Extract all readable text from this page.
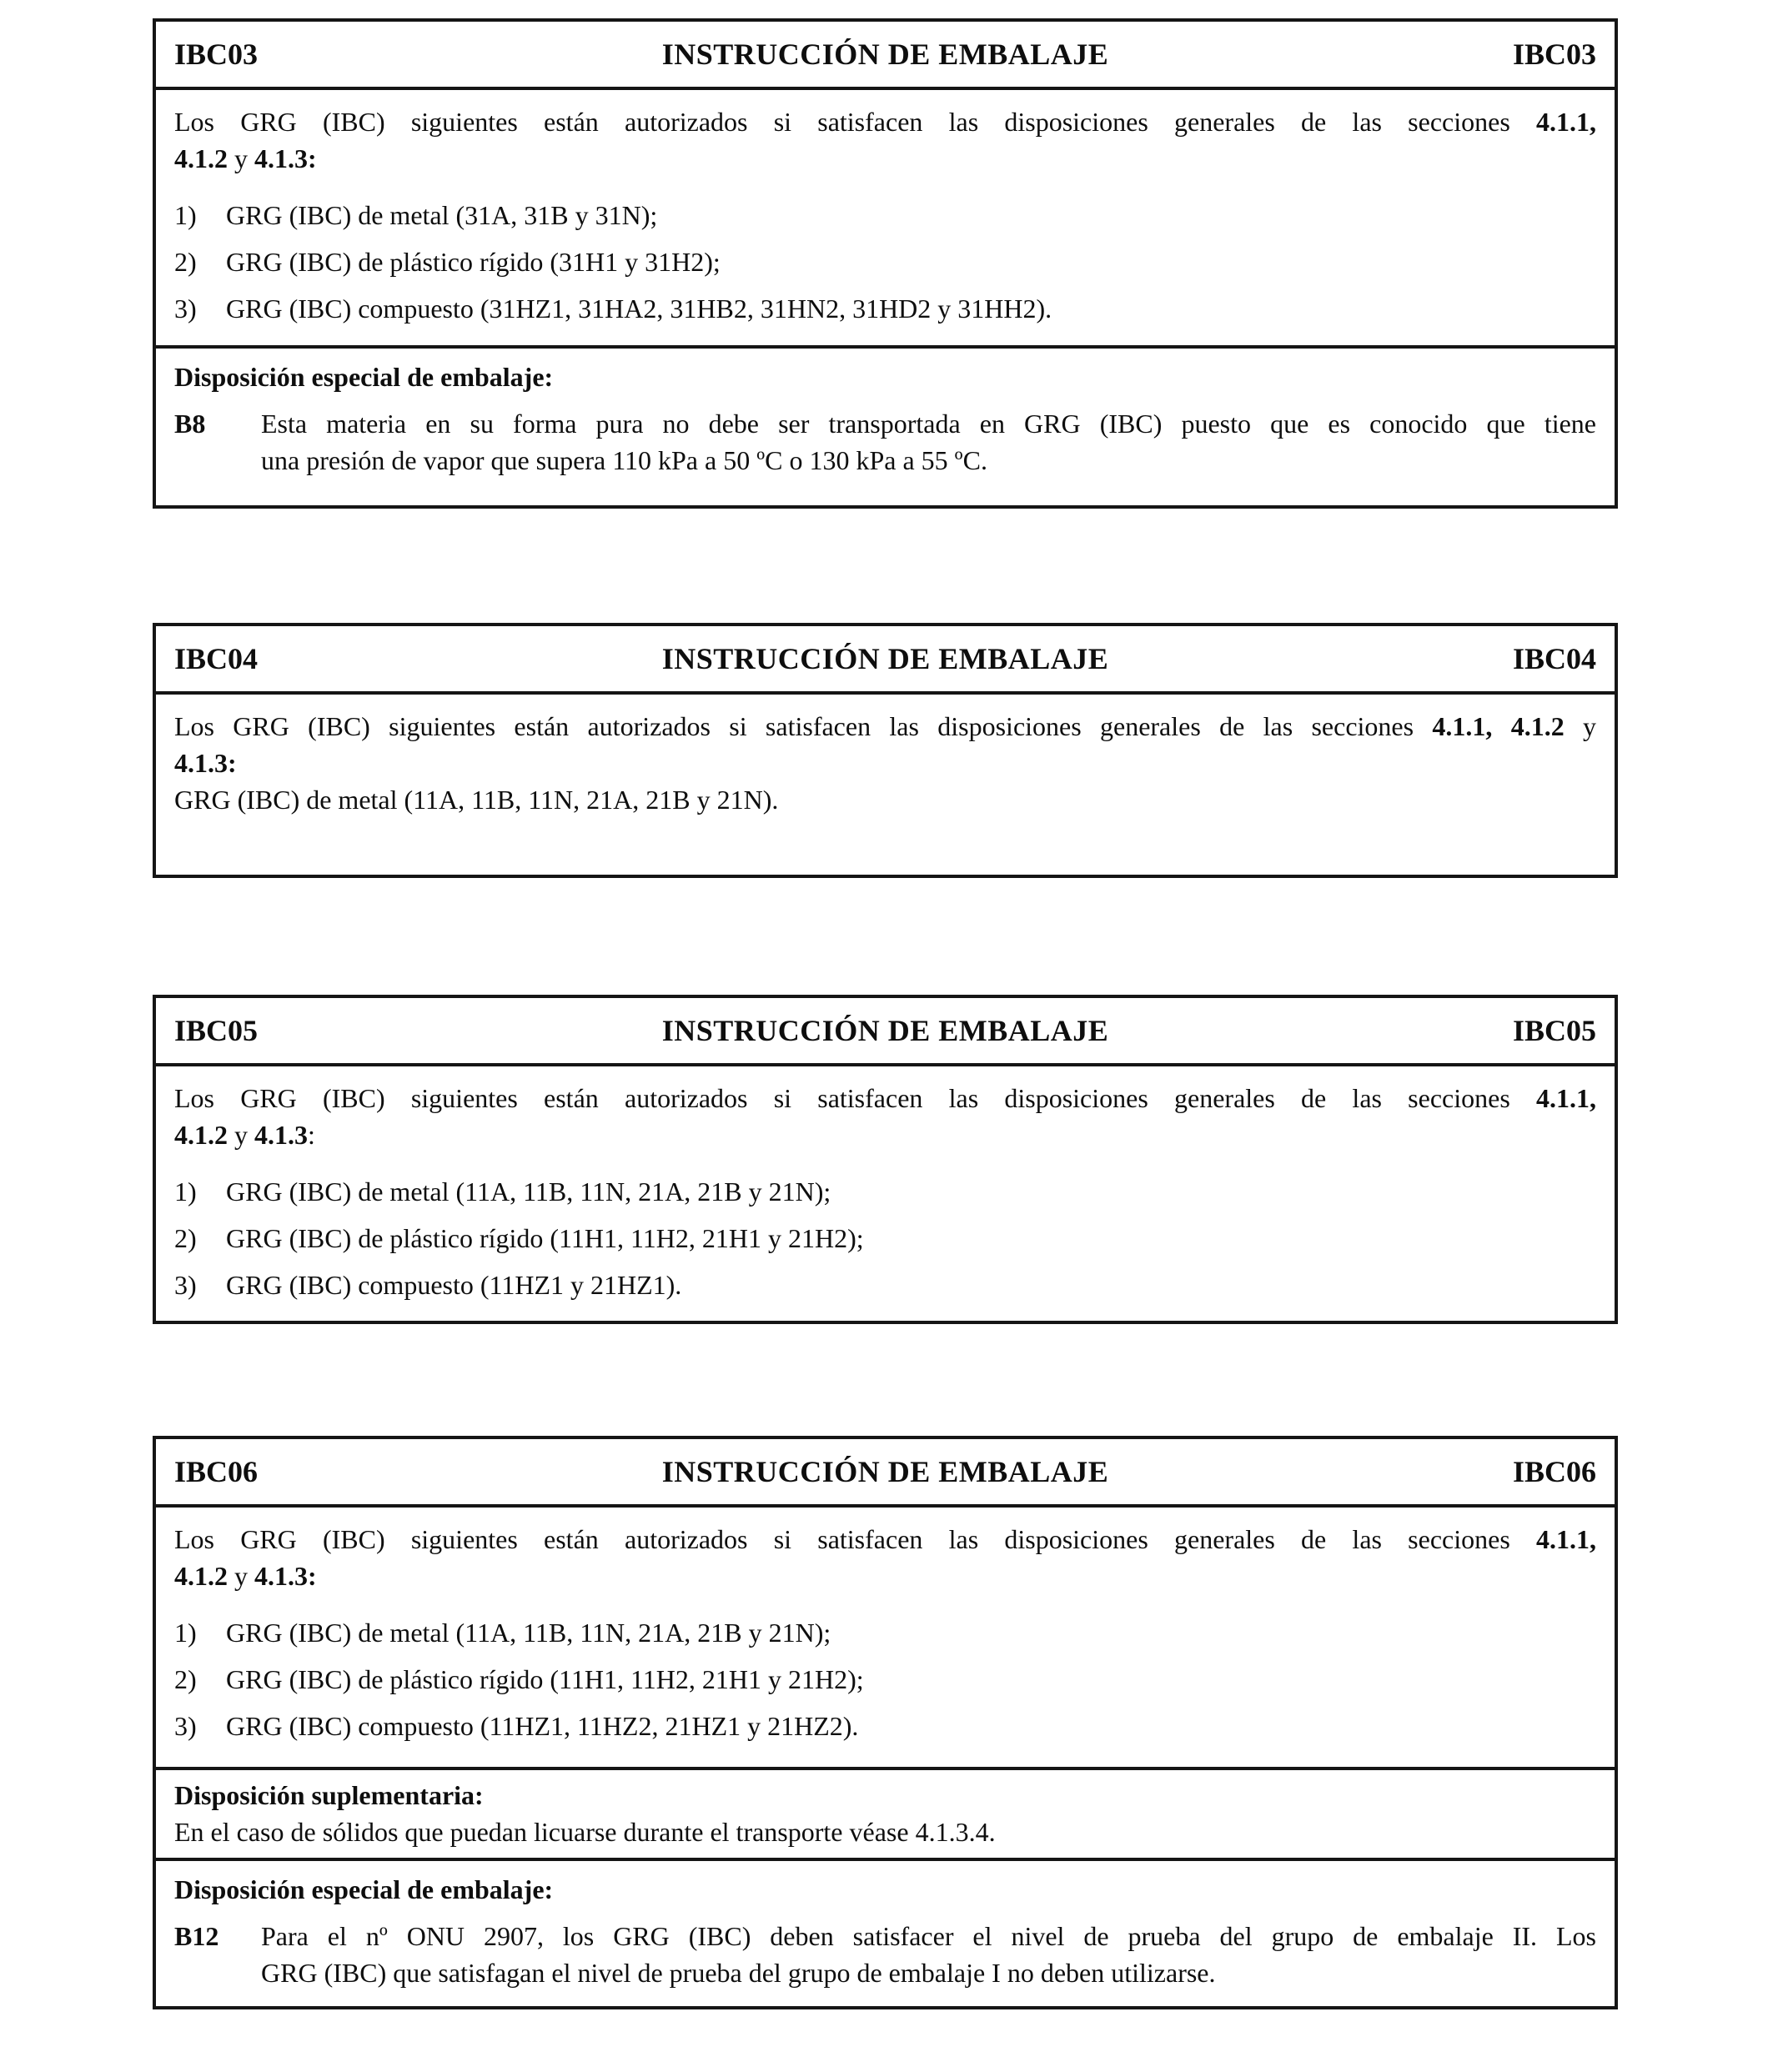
IBC03	INSTRUCCIÓN DE EMBALAJE	IBC03

Los GRG (IBC) siguientes están autorizados si satisfacen las disposiciones generales de las secciones 4.1.1,

4.1.2 y 4.1.3:

1)	GRG (IBC) de metal (31A, 31B y 31N);
2)	GRG (IBC) de plástico rígido (31H1 y 31H2);
3)	GRG (IBC) compuesto (31HZ1, 31HA2, 31HB2, 31HN2, 31HD2 y 31HH2).

Disposición especial de embalaje:

B8	Esta materia en su forma pura no debe ser transportada en GRG (IBC) puesto que es conocido que tiene
una presión de vapor que supera 110 kPa a 50 ºC o 130 kPa a 55 ºC.
IBC04	INSTRUCCIÓN DE EMBALAJE	IBC04

Los GRG (IBC) siguientes están autorizados si satisfacen las disposiciones generales de las secciones 4.1.1, 4.1.2 y

4.1.3:

GRG (IBC) de metal (11A, 11B, 11N, 21A, 21B y 21N).

IBC05	INSTRUCCIÓN DE EMBALAJE	IBC05

Los GRG (IBC) siguientes están autorizados si satisfacen las disposiciones generales de las secciones 4.1.1,

4.1.2 y 4.1.3:

1)	GRG (IBC) de metal (11A, 11B, 11N, 21A, 21B y 21N);
2)	GRG (IBC) de plástico rígido (11H1, 11H2, 21H1 y 21H2);
3)	GRG (IBC) compuesto (11HZ1 y 21HZ1).
IBC06	INSTRUCCIÓN DE EMBALAJE	IBC06

Los GRG (IBC) siguientes están autorizados si satisfacen las disposiciones generales de las secciones 4.1.1,

4.1.2 y 4.1.3:

1)	GRG (IBC) de metal (11A, 11B, 11N, 21A, 21B y 21N);
2)	GRG (IBC) de plástico rígido (11H1, 11H2, 21H1 y 21H2);
3)	GRG (IBC) compuesto (11HZ1, 11HZ2, 21HZ1 y 21HZ2).

Disposición suplementaria:

En el caso de sólidos que puedan licuarse durante el transporte véase 4.1.3.4.

Disposición especial de embalaje:

B12	Para el nº ONU 2907, los GRG (IBC) deben satisfacer el nivel de prueba del grupo de embalaje II. Los
GRG (IBC) que satisfagan el nivel de prueba del grupo de embalaje I no deben utilizarse.
